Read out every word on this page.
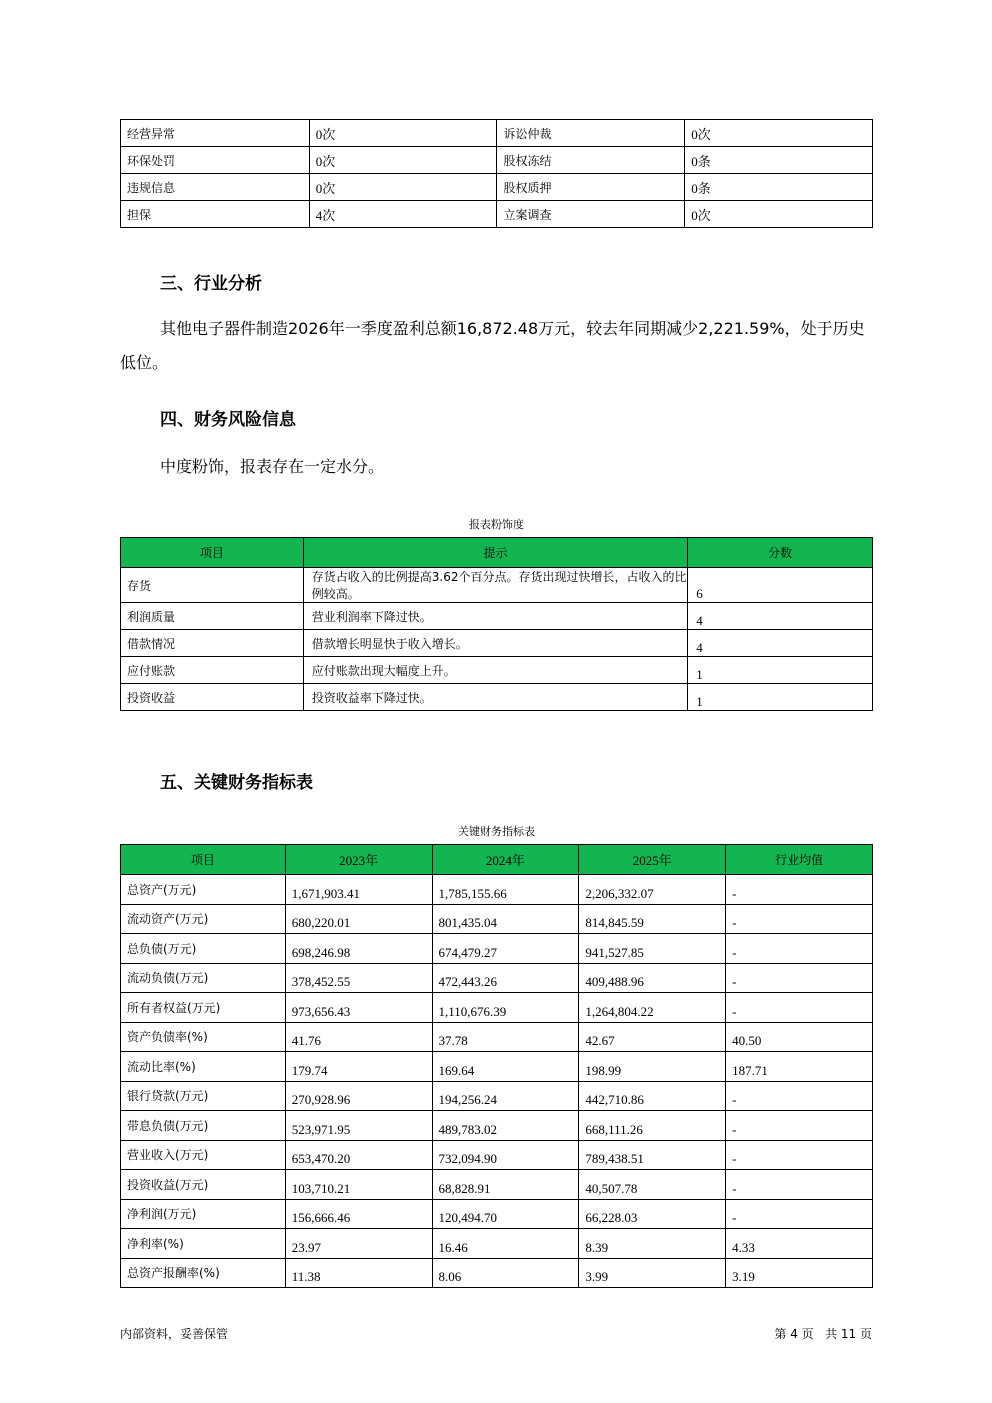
经营异常	0次	诉讼仲裁	0次
环保处罚	0次	股权冻结	0条
违规信息	0次	股权质押	0条
担保	4次	立案调查	0次
三、行业分析

其他电子器件制造2026年一季度盈利总额16,872.48万元，较去年同期减少2,221.59%，处于历史低位。

四、财务风险信息

中度粉饰，报表存在一定水分。

报表粉饰度
项目	提示	分数
存货	存货占收入的比例提高3.62个百分点。存货出现过快增长，占收入的比例较高。	6
利润质量	营业利润率下降过快。	4
借款情况	借款增长明显快于收入增长。	4
应付账款	应付账款出现大幅度上升。	1
投资收益	投资收益率下降过快。	1
五、关键财务指标表
关键财务指标表
项目	2023年	2024年	2025年	行业均值
总资产(万元)	1,671,903.41	1,785,155.66	2,206,332.07	-
流动资产(万元)	680,220.01	801,435.04	814,845.59	-
总负债(万元)	698,246.98	674,479.27	941,527.85	-
流动负债(万元)	378,452.55	472,443.26	409,488.96	-
所有者权益(万元)	973,656.43	1,110,676.39	1,264,804.22	-
资产负债率(%)	41.76	37.78	42.67	40.50
流动比率(%)	179.74	169.64	198.99	187.71
银行贷款(万元)	270,928.96	194,256.24	442,710.86	-
带息负债(万元)	523,971.95	489,783.02	668,111.26	-
营业收入(万元)	653,470.20	732,094.90	789,438.51	-
投资收益(万元)	103,710.21	68,828.91	40,507.78	-
净利润(万元)	156,666.46	120,494.70	66,228.03	-
净利率(%)	23.97	16.46	8.39	4.33
总资产报酬率(%)	11.38	8.06	3.99	3.19
内部资料，妥善保管	第 4 页   共 11 页
